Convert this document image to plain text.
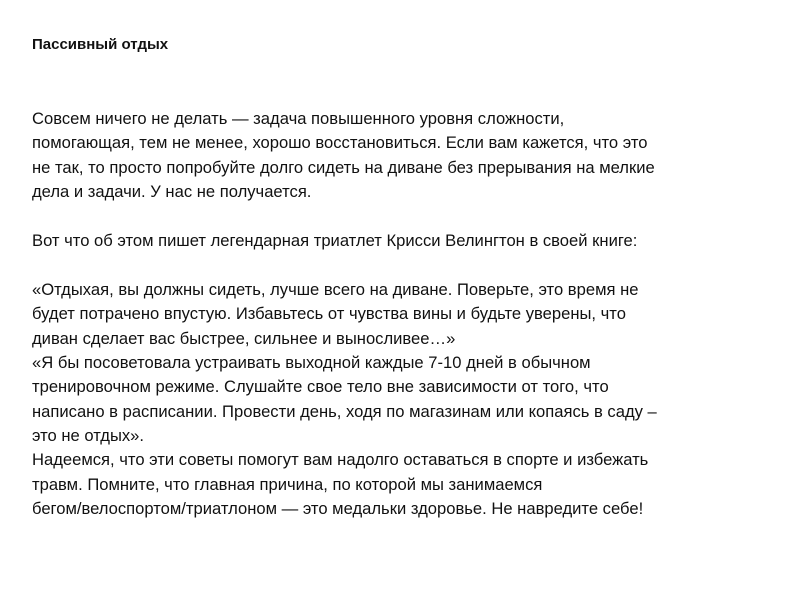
Пассивный отдых
Совсем ничего не делать — задача повышенного уровня сложности,
помогающая, тем не менее, хорошо восстановиться. Если вам кажется, что это
не так, то просто попробуйте долго сидеть на диване без прерывания на мелкие
дела и задачи. У нас не получается.
Вот что об этом пишет легендарная триатлет Крисси Велингтон в своей книге:
«Отдыхая, вы должны сидеть, лучше всего на диване. Поверьте, это время не
будет потрачено впустую. Избавьтесь от чувства вины и будьте уверены, что
диван сделает вас быстрее, сильнее и выносливее…»
«Я бы посоветовала устраивать выходной каждые 7-10 дней в обычном
тренировочном режиме. Слушайте свое тело вне зависимости от того, что
написано в расписании. Провести день, ходя по магазинам или копаясь в саду –
это не отдых».
Надеемся, что эти советы помогут вам надолго оставаться в спорте и избежать
травм. Помните, что главная причина, по которой мы занимаемся
бегом/велоспортом/триатлоном — это медальки здоровье. Не навредите себе!
